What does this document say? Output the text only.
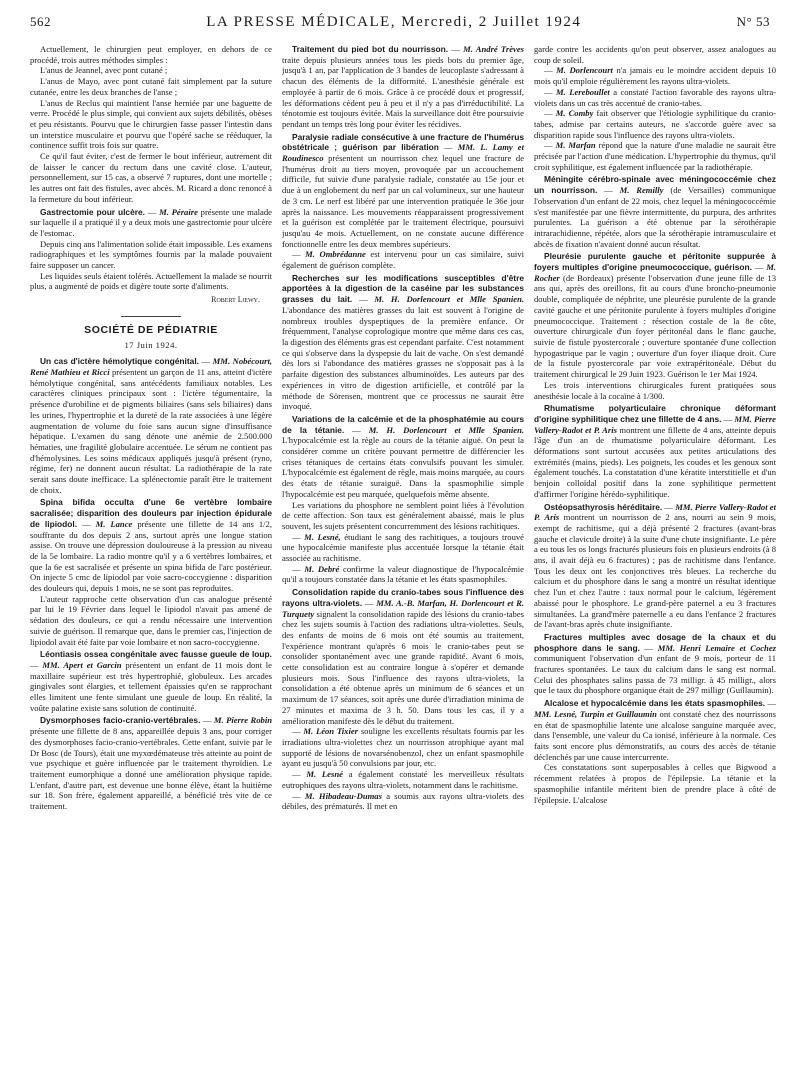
562	LA PRESSE MÉDICALE, Mercredi, 2 Juillet 1924	N° 53

Actuellement, le chirurgien peut employer, en dehors de ce procédé, trois autres méthodes simples :

L'anus de Jeannel, avec pont cutané ;

L'anus de Mayo, avec pont cutané fait simplement par la suture cutanée, entre les deux branches de l'anse ;

L'anus de Reclus qui maintient l'anse herniée par une baguette de verre. Procédé le plus simple, qui convient aux sujets débilités, obèses et peu résistants. Pourvu que le chirurgien fasse passer l'intestin dans un interstice musculaire et pourvu que l'opéré sache se rééduquer, la continence suffit trois fois sur quatre.

Ce qu'il faut éviter, c'est de fermer le bout inférieur, autrement dit de laisser le cancer du rectum dans une cavité close. L'auteur, personnellement, sur 15 cas, a observé 7 ruptures, dont une mortelle ; les autres ont fait des fistules, avec abcès. M. Ricard a donc renoncé à la fermeture du bout inférieur.

Gastrectomie pour ulcère. — M. Péraire présente une malade sur laquelle il a pratiqué il y a deux mois une gastrectomie pour ulcère de l'estomac.

Depuis cinq ans l'alimentation solide était impossible. Les examens radiographiques et les symptômes fournis par la malade pouvaient faire supposer un cancer.

Les liquides seuls étaient tolérés. Actuellement la malade se nourrit plus, a augmenté de poids et digère toute sorte d'aliments.

Robert Lœwy.
SOCIÉTÉ DE PÉDIATRIE
17 Juin 1924.

Un cas d'ictère hémolytique congénital. — MM. Nobécourt, René Mathieu et Ricci présentent un garçon de 11 ans, atteint d'ictère hémolytique congénital, sans antécédents familiaux notables. Les caractères cliniques principaux sont : l'ictère tégumentaire, la présence d'urobiline et de pigments biliaires (sans sels biliaires) dans les urines, l'hypertrophie et la dureté de la rate associées à une légère augmentation de volume du foie sans aucun signe d'insuffisance hépatique. L'examen du sang dénote une anémie de 2.500.000 hématies, une fragilité globulaire accentuée. Le sérum ne contient pas d'hémolysines. Les soins médicaux appliqués jusqu'à présent (ryno, régime, fer) ne donnent aucun résultat. La radiothérapie de la rate serait sans doute inefficace. La splénectomie paraît être le traitement de choix.

Spina bifida occulta d'une 6e vertèbre lombaire sacralisée; disparition des douleurs par injection épidurale de lipiodol. — M. Lance présente une fillette de 14 ans 1/2, souffrante du dos depuis 2 ans, surtout après une longue station assise. On trouve une dépression douloureuse à la pression au niveau de la 5e lombaire. La radio montre qu'il y a 6 vertèbres lombaires, et que la 6e est sacralisée et présente un spina bifida de l'arc postérieur. On injecte 5 cmc de lipiodol par voie sacro-coccygienne : disparition des douleurs qui, depuis 1 mois, ne se sont pas reproduites.

L'auteur rapproche cette observation d'un cas analogue présenté par lui le 19 Février dans lequel le lipiodol n'avait pas amené de sédation des douleurs, ce qui a rendu nécessaire une intervention suivie de guérison. Il remarque que, dans le premier cas, l'injection de lipiodol avait été faite par voie lombaire et non sacro-coccygienne.

Léontiasis ossea congénitale avec fausse gueule de loup. — MM. Apert et Garcin présentent un enfant de 11 mois dont le maxillaire supérieur est très hypertrophié, globuleux. Les arcades gingivales sont élargies, et tellement épaissies qu'en se rapprochant elles limitent une fente simulant une gueule de loup. En réalité, la voûte palatine existe sans solution de continuité.

Dysmorphoses facio-cranio-vertébrales. — M. Pierre Robin présente une fillette de 8 ans, appareillée depuis 3 ans, pour corriger des dysmorphoses facio-cranio-vertébrales. Cette enfant, suivie par le Dr Bosc (de Tours), était une myxœdémateuse très atteinte au point de vue psychique et guère influencée par le traitement thyroïdien. Le traitement eumorphique a donné une amélioration physique rapide. L'enfant, d'autre part, est devenue une bonne élève, étant la huitième sur 18. Son frère, également appareillé, a bénéficié très vite de ce traitement.

Traitement du pied bot du nourrisson. — M. André Trèves traite depuis plusieurs années tous les pieds bots du premier âge, jusqu'à 1 an, par l'application de 3 bandes de leucoplaste s'adressant à chacun des éléments de la difformité. L'anesthésie générale est employée à partir de 6 mois. Grâce à ce procédé doux et progressif, les déformations cèdent peu à peu et il n'y a pas d'irréductibilité. La ténotomie est toujours évitée. Mais la surveillance doit être poursuivie pendant un temps très long pour éviter les récidives.

Paralysie radiale consécutive à une fracture de l'humérus obstétricale ; guérison par libération — MM. L. Lamy et Roudinesco présentent un nourrisson chez lequel une fracture de l'humérus droit au tiers moyen, provoquée par un accouchement difficile, fut suivie d'une paralysie radiale, constatée au 15e jour et due à un englobement du nerf par un cal volumineux, sur une hauteur de 3 cm. Le nerf est libéré par une intervention pratiquée le 36e jour après la naissance. Les mouvements réapparaissent progressivement et la guérison est complétée par le traitement électrique, poursuivi jusqu'au 4e mois. Actuellement, on ne constate aucune différence fonctionnelle entre les deux membres supérieurs.

— M. Ombrédanne est intervenu pour un cas similaire, suivi également de guérison complète.

Recherches sur les modifications susceptibles d'être apportées à la digestion de la caséine par les substances grasses du lait. — M. H. Dorlencourt et Mlle Spanien. L'abondance des matières grasses du lait est souvent à l'origine de nombreux troubles dyspeptiques de la première enfance. Or fréquemment, l'analyse coprologique montre que même dans ces cas, la digestion des éléments gras est cependant parfaite. C'est notamment ce qui s'observe dans la dyspepsie du lait de vache. On s'est demandé dès lors si l'abondance des matières grasses ne s'opposait pas à la parfaite digestion des substances albuminoïdes. Les auteurs par des expériences in vitro de digestion artificielle, et contrôlé par la méthode de Sörensen, montrent que ce processus ne saurait être invoqué.

Variations de la calcémie et de la phosphatémie au cours de la tétanie. — M. H. Dorlencourt et Mlle Spanien. L'hypocalcémie est la règle au cours de la tétanie aiguë. On peut la considérer comme un critère pouvant permettre de différencier les crises tétaniques de certains états convulsifs pouvant les simuler. L'hypocalcémie est également de règle, mais moins marquée, au cours des états de tétanie suraiguë. Dans la spasmophilie simple l'hypocalcémie est peu marquée, quelquefois même absente.

Les variations du phosphore ne semblent point liées à l'évolution de cette affection. Son taux est généralement abaissé, mais le plus souvent, les sujets présentent concurremment des lésions rachitiques.

— M. Lesné, étudiant le sang des rachitiques, a toujours trouvé une hypocalcémie manifeste plus accentuée lorsque la tétanie était associée au rachitisme.

— M. Debré confirme la valeur diagnostique de l'hypocalcémie qu'il a toujours constatée dans la tétanie et les états spasmophiles.

Consolidation rapide du cranio-tabes sous l'influence des rayons ultra-violets. — MM. A.-B. Marfan, H. Dorlencourt et R. Turquety signalent la consolidation rapide des lésions du cranio-tabes chez les sujets soumis à l'action des radiations ultra-violettes. Seuls, des enfants de moins de 6 mois ont été soumis au traitement, l'expérience montrant qu'après 6 mois le cranio-tabes peut se consolider spontanément avec une grande rapidité. Avant 6 mois, cette consolidation est au contraire longue à s'opérer et demande plusieurs mois. Sous l'influence des rayons ultra-violets, la consolidation a été obtenue après un minimum de 6 séances et un maximum de 17 séances, soit après une durée d'irradiation minima de 27 minutes et maxima de 3 h. 50. Dans tous les cas, il y a amélioration manifeste dès le début du traitement.

— M. Léon Tixier souligne les excellents résultats fournis par les irradiations ultra-violettes chez un nourrisson atrophique ayant mal supporté de lésions de novarsénobenzol, chez un enfant spasmophile ayant eu jusqu'à 50 convulsions par jour, etc.

— M. Lesné a également constaté les merveilleux résultats eutrophiques des rayons ultra-violets, notamment dans le rachitisme.

— M. Hibadeau-Dumas a soumis aux rayons ultra-violets des débiles, des prématurés. Il met en

garde contre les accidents qu'on peut observer, assez analogues au coup de soleil.

— M. Dorlencourt n'a jamais eu le moindre accident depuis 10 mois qu'il emploie régulièrement les rayons ultra-violets.

— M. Lereboullet a constaté l'action favorable des rayons ultra-violets dans un cas très accentué de cranio-tabes.

— M. Comby fait observer que l'étiologie syphilitique du cranio-tabes, admise par certains auteurs, ne s'accorde guère avec sa disparition rapide sous l'influence des rayons ultra-violets.

— M. Marfan répond que la nature d'une maladie ne saurait être précisée par l'action d'une médication. L'hypertrophie du thymus, qu'il croit syphilitique, est également influencée par la radiothérapie.

Méningite cérébro-spinale avec méningococcémie chez un nourrisson. — M. Remilly (de Versailles) communique l'observation d'un enfant de 22 mois, chez lequel la méningococcémie s'est manifestée par une fièvre intermittente, du purpura, des arthrites purulentes. La guérison a été obtenue par la sérothérapie intrarachidienne, répétée, alors que la sérothérapie intramusculaire et abcès de fixation n'avaient donné aucun résultat.

Pleurésie purulente gauche et péritonite suppurée à foyers multiples d'origine pneumococcique, guérison. — M. Rocher (de Bordeaux) présente l'observation d'une jeune fille de 13 ans qui, après des oreillons, fit au cours d'une broncho-pneumonie double, compliquée de néphrite, une pleurésie purulente de la grande cavité gauche et une péritonite purulente à foyers multiples d'origine pneumococcique. Traitement : résection costale de la 8e côte, ouverture chirurgicale d'un foyer péritonéal dans le flanc gauche, suivie de fistule pyostercorale ; ouverture spontanée d'une collection hypogastrique par le vagin ; ouverture d'un foyer iliaque droit. Cure de la fistule pyostercorale par voie extrapéritonéale. Début du traitement chirurgical le 29 Juin 1923. Guérison le 1er Mai 1924.

Les trois interventions chirurgicales furent pratiquées sous anesthésie locale à la cocaïne à 1/300.

Rhumatisme polyarticulaire chronique déformant d'origine syphilitique chez une fillette de 4 ans. — MM. Pierre Vallery-Radot et P. Aris montrent une fillette de 4 ans, atteinte depuis l'âge d'un an de rhumatisme polyarticulaire déformant. Les déformations sont surtout accusées aux petites articulations des extrémités (mains, pieds). Les poignets, les coudes et les genoux sont également touchés. La constatation d'une kératite interstitielle et d'un benjoin colloïdal positif dans la zone syphilitique permettent d'affirmer l'origine hérédo-syphilitique.

Ostéopsathyrosis héréditaire. — MM. Pierre Vallery-Radot et P. Aris montrent un nourrisson de 2 ans, nourri au sein 9 mois, exempt de rachitisme, qui a déjà présenté 2 fractures (avant-bras gauche et clavicule droite) à la suite d'une chute insignifiante. Le père a eu tous les os longs fracturés plusieurs fois en plusieurs endroits (à 8 ans, il avait déjà eu 6 fractures) ; pas de rachitisme dans l'enfance. Tous les deux ont les conjonctives très bleues. La recherche du calcium et du phosphore dans le sang a montré un résultat identique chez l'un et chez l'autre : taux normal pour le calcium, légèrement abaissé pour le phosphore. Le grand-père paternel a eu 3 fractures simultanées. La grand'mère paternelle a eu dans l'enfance 2 fractures de l'avant-bras après chute insignifiante.

Fractures multiples avec dosage de la chaux et du phosphore dans le sang. — MM. Henri Lemaire et Cochez communiquent l'observation d'un enfant de 9 mois, porteur de 11 fractures spontanées. Le taux du calcium dans le sang est normal. Celui des phosphates salins passa de 73 milligr. à 45 milligr., alors que le taux du phosphore organique était de 297 milligr (Guillaumin).

Alcalose et hypocalcémie dans les états spasmophiles. — MM. Lesné, Turpin et Guillaumin ont constaté chez des nourrissons en état de spasmophilie latente une alcalose sanguine marquée avec, dans l'ensemble, une valeur du Ca ionisé, inférieure à la normale. Ces faits sont encore plus démonstratifs, au cours des accès de tétanie déclenchés par une cause intercurrente.

Ces constatations sont superposables à celles que Bigwood a récemment relatées à propos de l'épilepsie. La tétanie et la spasmophilie infantile méritent bien de prendre place à côté de l'épilepsie. L'alcalose
